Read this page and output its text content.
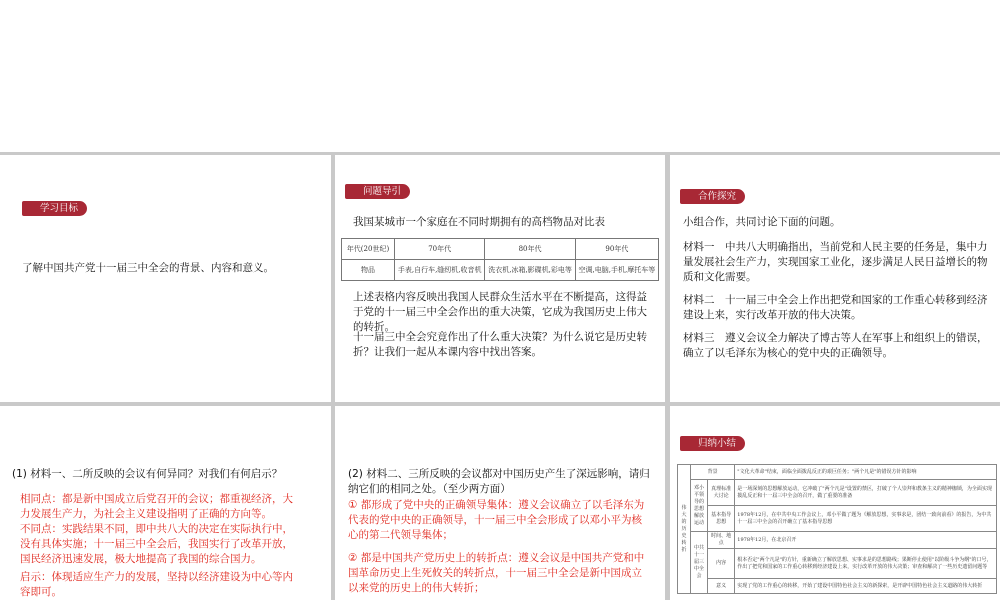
学习目标
了解中国共产党十一届三中全会的背景、内容和意义。
问题导引
我国某城市一个家庭在不同时期拥有的高档物品对比表
年代(20世纪)	70年代	80年代	90年代
物品	手表,自行车,缝纫机,收音机	洗衣机,冰箱,影碟机,彩电等	空调,电脑,手机,摩托车等
上述表格内容反映出我国人民群众生活水平在不断提高，这得益于党的十一届三中全会作出的重大决策，它成为我国历史上伟大的转折。
十一届三中全会究竟作出了什么重大决策？为什么说它是历史转折？让我们一起从本课内容中找出答案。
合作探究
小组合作，共同讨论下面的问题。
材料一　中共八大明确指出，当前党和人民主要的任务是，集中力量发展社会生产力，实现国家工业化，逐步满足人民日益增长的物质和文化需要。
材料二　十一届三中全会上作出把党和国家的工作重心转移到经济建设上来，实行改革开放的伟大决策。
材料三　遵义会议全力解决了博古等人在军事上和组织上的错误，确立了以毛泽东为核心的党中央的正确领导。
(1) 材料一、二所反映的会议有何异同？对我们有何启示？
相同点：都是新中国成立后党召开的会议；都重视经济，大力发展生产力，为社会主义建设指明了正确的方向等。
不同点：实践结果不同，即中共八大的决定在实际执行中，没有具体实施；十一届三中全会后，我国实行了改革开放，国民经济迅速发展，极大地提高了我国的综合国力。
启示：体现适应生产力的发展，坚持以经济建设为中心等内容即可。
(2) 材料二、三所反映的会议都对中国历史产生了深远影响，请归纳它们的相同之处。（至少两方面）
① 都形成了党中央的正确领导集体：遵义会议确立了以毛泽东为代表的党中央的正确领导，十一届三中全会形成了以邓小平为核心的第二代领导集体；
② 都是中国共产党历史上的转折点：遵义会议是中国共产党和中国革命历史上生死攸关的转折点，十一届三中全会是新中国成立以来党的历史上的伟大转折；
归纳小结
伟大的历史转折	背景		"文化大革命"结束，面临全面拨乱反正的艰巨任务；"两个凡是"的错误方针的影响
	邓小平领导的思想解放运动	真理标准大讨论	是一场深刻的思想解放运动，它冲破了"两个凡是"设置的禁区，打破了个人崇拜和教条主义的精神枷锁，为全面实现拨乱反正和十一届三中全会的召开，做了重要的准备
		基本指导思想	1978年12月，在中共中央工作会议上，邓小平做了题为《解放思想，实事求是，团结一致向前看》的报告，为中共十一届三中全会的召开确立了基本指导思想
	中共十一届三中全会	时间、地点	1978年12月，在北京召开
		内容	根本否定"两个凡是"的方针，重新确立了解放思想、实事求是的思想路线；果断停止使用"以阶级斗争为纲"的口号，作出了把党和国家的工作重心转移到经济建设上来，实行改革开放的伟大决策；审查和解决了一些历史遗留问题等
		意义	实现了党的工作重心的转移，开始了建设中国特色社会主义的新探索，是开辟中国特色社会主义道路的伟大转折
